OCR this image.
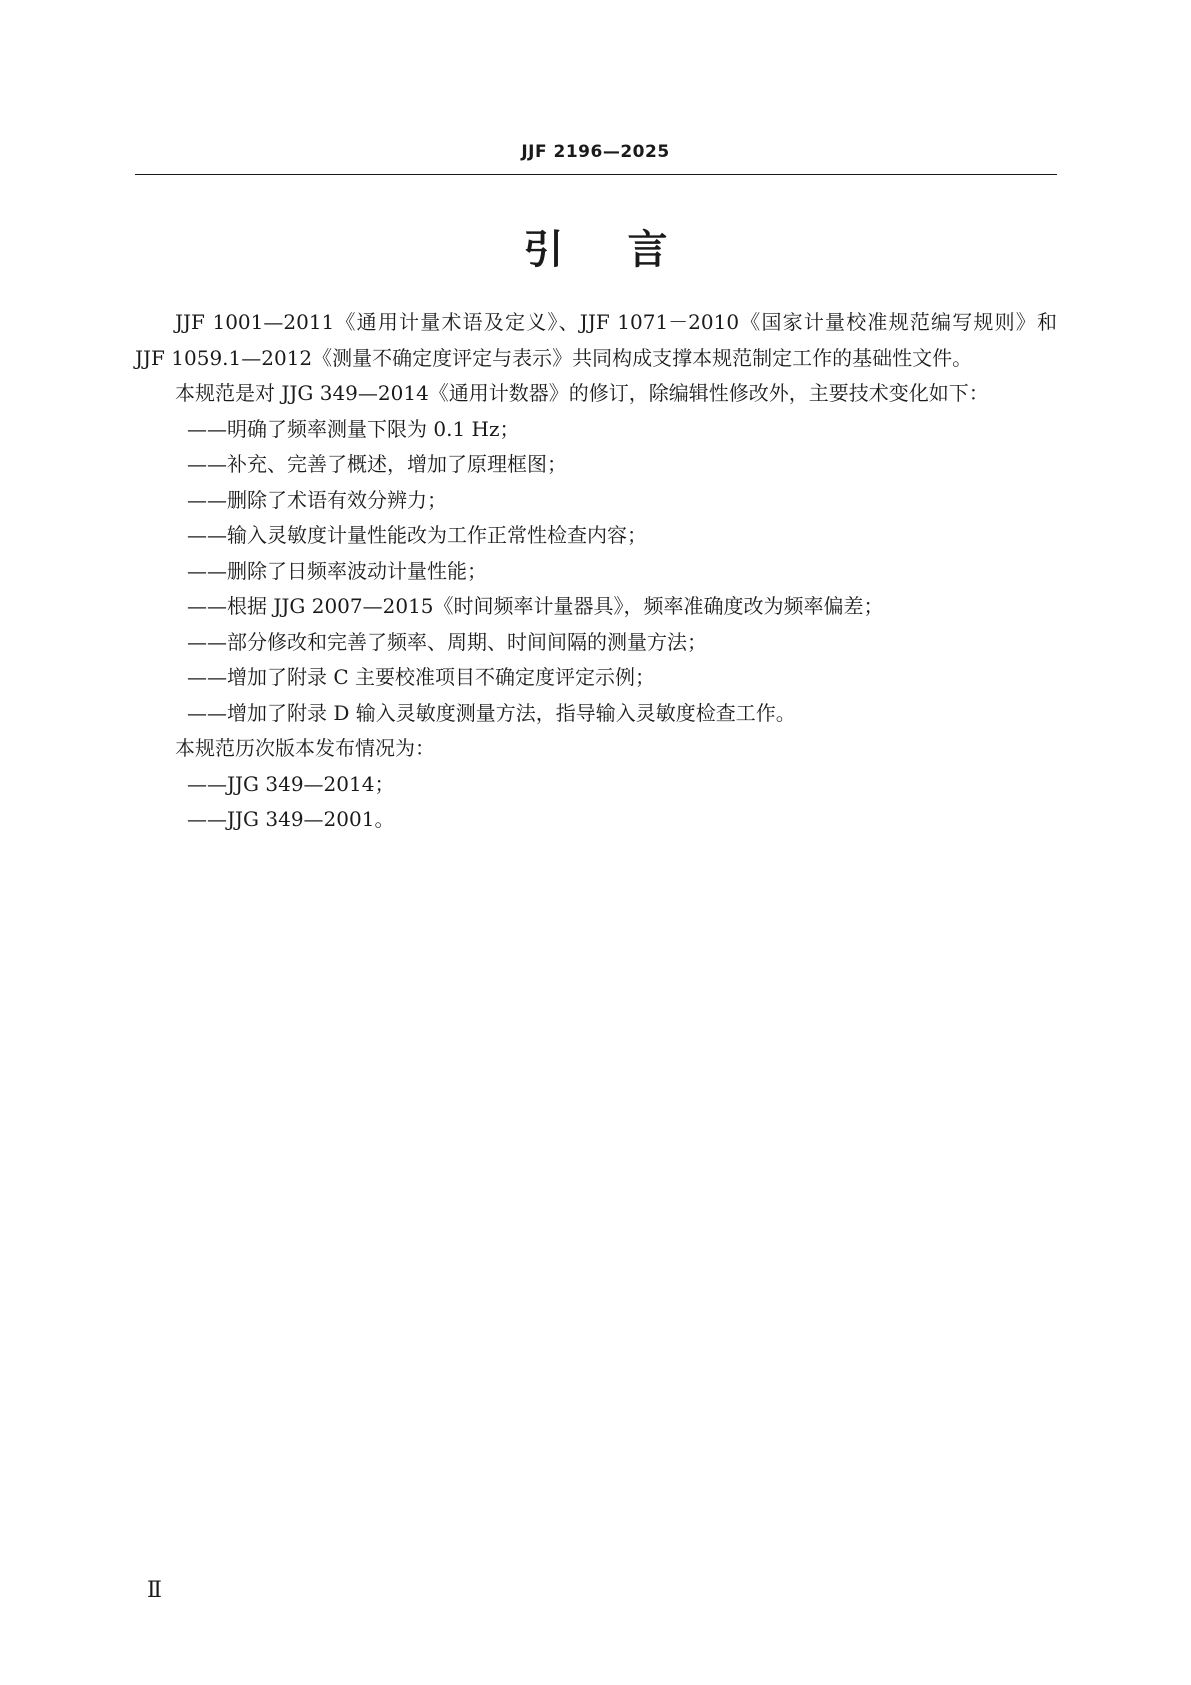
JJF 2196—2025
引言

JJF 1001—2011《通用计量术语及定义》、JJF 1071－2010《国家计量校准规范编写规则》和 JJF 1059.1—2012《测量不确定度评定与表示》共同构成支撑本规范制定工作的基础性文件。

本规范是对 JJG 349—2014《通用计数器》的修订，除编辑性修改外，主要技术变化如下：

——明确了频率测量下限为 0.1 Hz；

——补充、完善了概述，增加了原理框图；

——删除了术语有效分辨力；

——输入灵敏度计量性能改为工作正常性检查内容；

——删除了日频率波动计量性能；

——根据 JJG 2007—2015《时间频率计量器具》，频率准确度改为频率偏差；

——部分修改和完善了频率、周期、时间间隔的测量方法；

——增加了附录 C 主要校准项目不确定度评定示例；

——增加了附录 D 输入灵敏度测量方法，指导输入灵敏度检查工作。

本规范历次版本发布情况为：

——JJG 349—2014；

——JJG 349—2001。

Ⅱ
